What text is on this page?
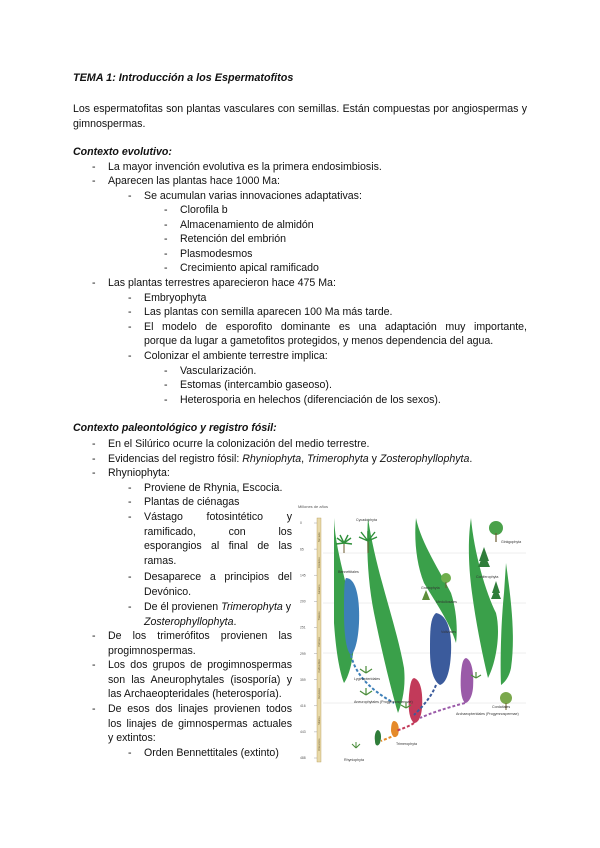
TEMA 1: Introducción a los Espermatofitos
Los espermatofitas son plantas vasculares con semillas. Están compuestas por angiospermas y gimnospermas.
Contexto evolutivo:
- La mayor invención evolutiva es la primera endosimbiosis.
- Aparecen las plantas hace 1000 Ma:
- Se acumulan varias innovaciones adaptativas:
- Clorofila b
- Almacenamiento de almidón
- Retención del embrión
- Plasmodesmos
- Crecimiento apical ramificado
- Las plantas terrestres aparecieron hace 475 Ma:
- Embryophyta
- Las plantas con semilla aparecen 100 Ma más tarde.
- El modelo de esporofito dominante es una adaptación muy importante,
porque da lugar a gametofitos protegidos, y menos dependencia del agua.
- Colonizar el ambiente terrestre implica:
- Vascularización.
- Estomas (intercambio gaseoso).
- Heterosporia en helechos (diferenciación de los sexos).
Contexto paleontológico y registro fósil:
- En el Silúrico ocurre la colonización del medio terrestre.
- Evidencias del registro fósil: Rhyniophyta, Trimerophyta y Zosterophyllophyta.
- Rhyniophyta:
- Proviene de Rhynia, Escocia.
- Plantas de ciénagas
- Vástago fotosintético y ramificado, con los esporangios al final de las ramas.
- Desaparece a principios del Devónico.
- De él provienen Trimerophyta y Zosterophyllophyta.
- De los trimerófitos provienen las progimnospermas.
- Los dos grupos de progimnospermas son las Aneurophytales (isosporía) y las Archaeopteridales (heterosporía).
- De esos dos linajes provienen todos los linajes de gimnospermas actuales y extintos:
- Orden Bennettitales (extinto)
Millones de años
0
65
145
200
251
299
359
416
443
488
Terciario
Cretácico
Jurásico
Triásico
Pérmico
Carbonífero
Devónico
Silúrico
Ordovícico
Cycadophyta
Ginkgophyta
Bennettitales
Gnetophyta
Medullosales
Coniferophyta
Voltziales
Cordaitales
Lyginopteridales
Aneurophytales (Progymnospermae)
Archaeopteridales (Progymnospermae)
Trimerophyta
Rhyniophyta
